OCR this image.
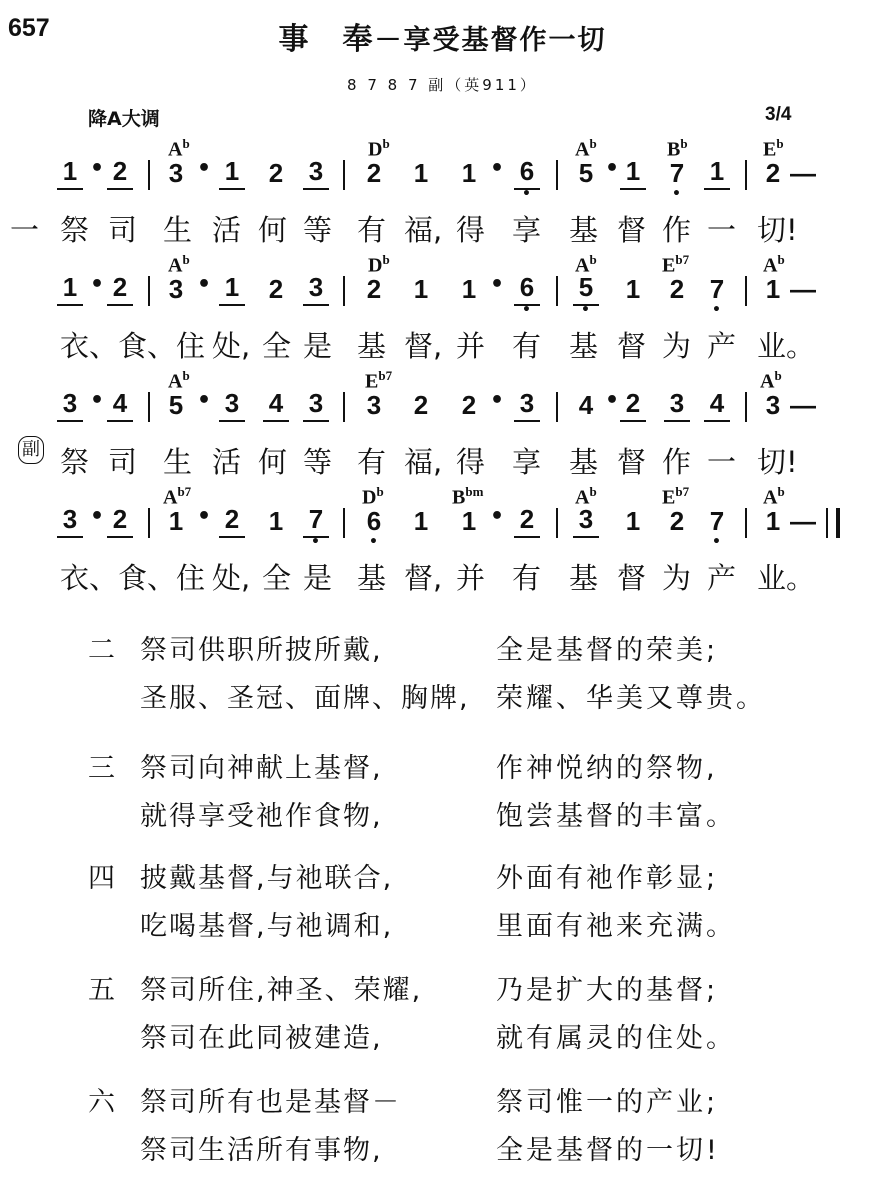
657	事　奉－享受基督作一切
8 7 8 7 副（英911）
降A大调	3/4
$A^b$	$D^b$	$A^b$	$B^b$	$E^b$
1 • 2 3 • 1 2 3 2 1 1 • 6
•
5 • 1 7
•
1 2 —
一 祭 司 生 活 何 等 有 福, 得 享 基 督 作 一 切!
$A^b$	$D^b$	$A^b$	$E^{b7}$	$A^b$
1 • 2 3 • 1 2 3 2 1 1 • 6
•
5
•
1 2 7
•
1 —
衣、食、住 处, 全 是 基 督, 并 有 基 督 为 产 业。
$A^b$	$E^{b7}$	$A^b$
3 • 4 5 • 3 4 3 3 2 2 • 3 4 • 2 3 4 3 —
副 祭 司 生 活 何 等 有 福, 得 享 基 督 作 一 切!
$A^{b7}$	$D^b$	$B^{bm}$	$A^b$	$E^{b7}$	$A^b$
3 • 2 1 • 2 1 7
•
6
•
1 1 • 2 3 1 2 7
•
1 —
衣、食、住 处, 全 是 基 督, 并 有 基 督 为 产 业。
二 祭司供职所披所戴,	全是基督的荣美;
圣服、圣冠、面牌、胸牌, 荣耀、华美又尊贵。
三 祭司向神献上基督,	作神悦纳的祭物,
就得享受祂作食物,	饱尝基督的丰富。
四 披戴基督,与祂联合,	外面有祂作彰显;
吃喝基督,与祂调和,	里面有祂来充满。
五 祭司所住,神圣、荣耀,	乃是扩大的基督;
祭司在此同被建造,	就有属灵的住处。
六 祭司所有也是基督－	祭司惟一的产业;
祭司生活所有事物,	全是基督的一切!
